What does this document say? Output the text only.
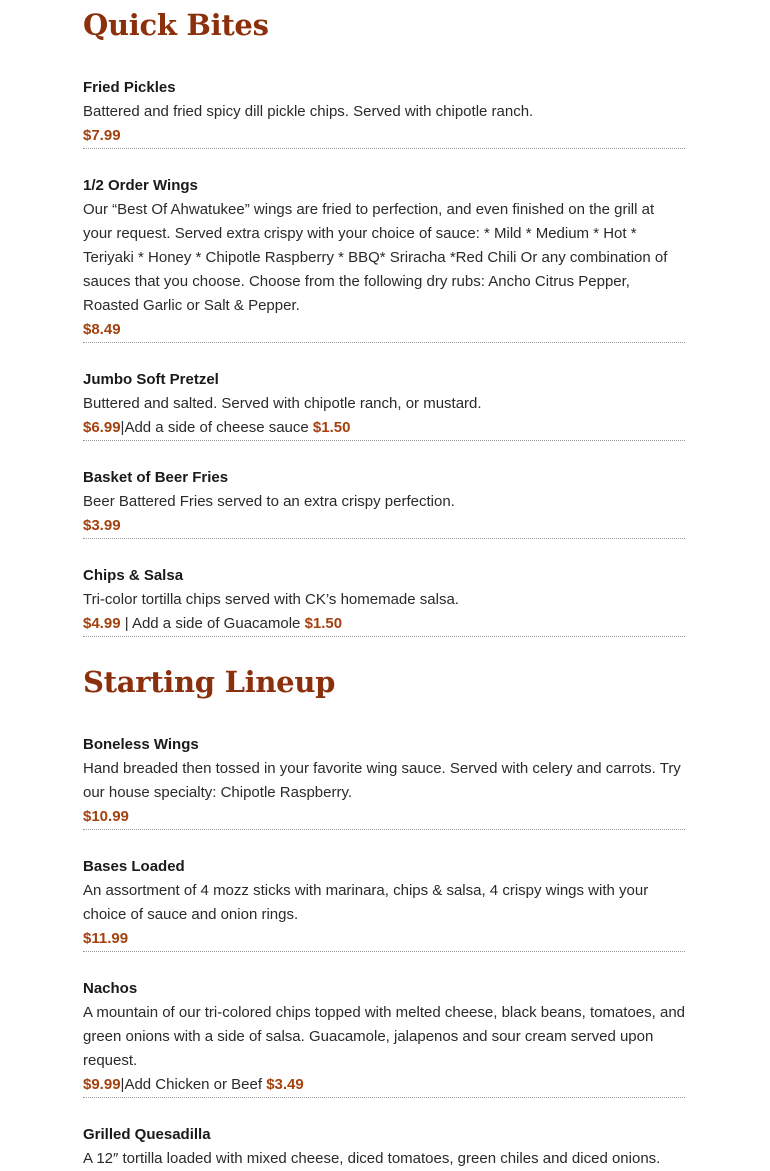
Quick Bites
Fried Pickles
Battered and fried spicy dill pickle chips. Served with chipotle ranch.
$7.99
1/2 Order Wings
Our “Best Of Ahwatukee” wings are fried to perfection, and even finished on the grill at your request. Served extra crispy with your choice of sauce: * Mild * Medium * Hot * Teriyaki * Honey * Chipotle Raspberry * BBQ* Sriracha *Red Chili Or any combination of sauces that you choose. Choose from the following dry rubs: Ancho Citrus Pepper, Roasted Garlic or Salt & Pepper.
$8.49
Jumbo Soft Pretzel
Buttered and salted. Served with chipotle ranch, or mustard.
$6.99|Add a side of cheese sauce $1.50
Basket of Beer Fries
Beer Battered Fries served to an extra crispy perfection.
$3.99
Chips & Salsa
Tri-color tortilla chips served with CK’s homemade salsa.
$4.99 | Add a side of Guacamole $1.50
Starting Lineup
Boneless Wings
Hand breaded then tossed in your favorite wing sauce. Served with celery and carrots. Try our house specialty: Chipotle Raspberry.
$10.99
Bases Loaded
An assortment of 4 mozz sticks with marinara, chips & salsa, 4 crispy wings with your choice of sauce and onion rings.
$11.99
Nachos
A mountain of our tri-colored chips topped with melted cheese, black beans, tomatoes, and green onions with a side of salsa. Guacamole, jalapenos and sour cream served upon request.
$9.99|Add Chicken or Beef $3.49
Grilled Quesadilla
A 12″ tortilla loaded with mixed cheese, diced tomatoes, green chiles and diced onions.
